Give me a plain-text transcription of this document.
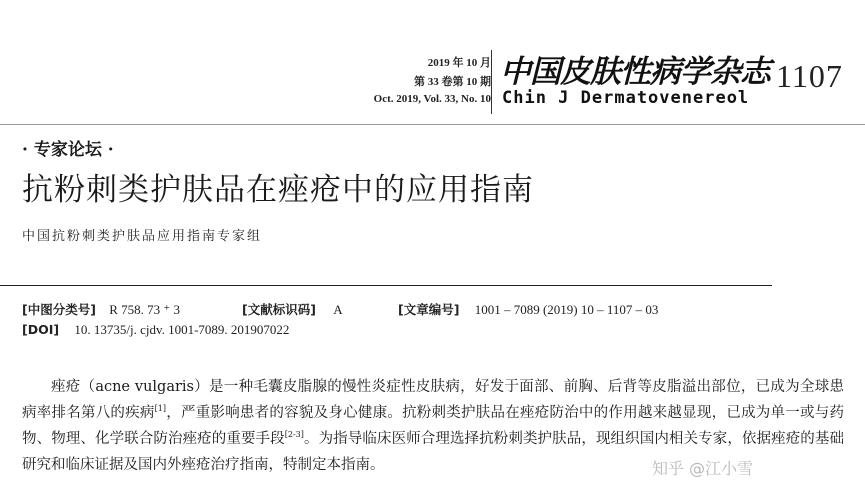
2019 年 10 月
第 33 卷第 10 期
Oct. 2019, Vol. 33, No. 10
中国皮肤性病学杂志
Chin J Dermatovenereol
1107
· 专家论坛 ·
抗粉刺类护肤品在痤疮中的应用指南
中国抗粉刺类护肤品应用指南专家组
[中图分类号] R 758. 73 ⁺ 3	[文献标识码] A	[文章编号] 1001 – 7089 (2019) 10 – 1107 – 03
[DOI] 10. 13735/j. cjdv. 1001-7089. 201907022

痤疮（acne vulgaris）是一种毛囊皮脂腺的慢性炎症性皮肤病，好发于面部、前胸、后背等皮脂溢出部位，已成为全球患病率排名第八的疾病[1]，严重影响患者的容貌及身心健康。抗粉刺类护肤品在痤疮防治中的作用越来越显现，已成为单一或与药物、物理、化学联合防治痤疮的重要手段[2-3]。为指导临床医师合理选择抗粉刺类护肤品，现组织国内相关专家，依据痤疮的基础研究和临床证据及国内外痤疮治疗指南，特制定本指南。	知乎 @江小雪
